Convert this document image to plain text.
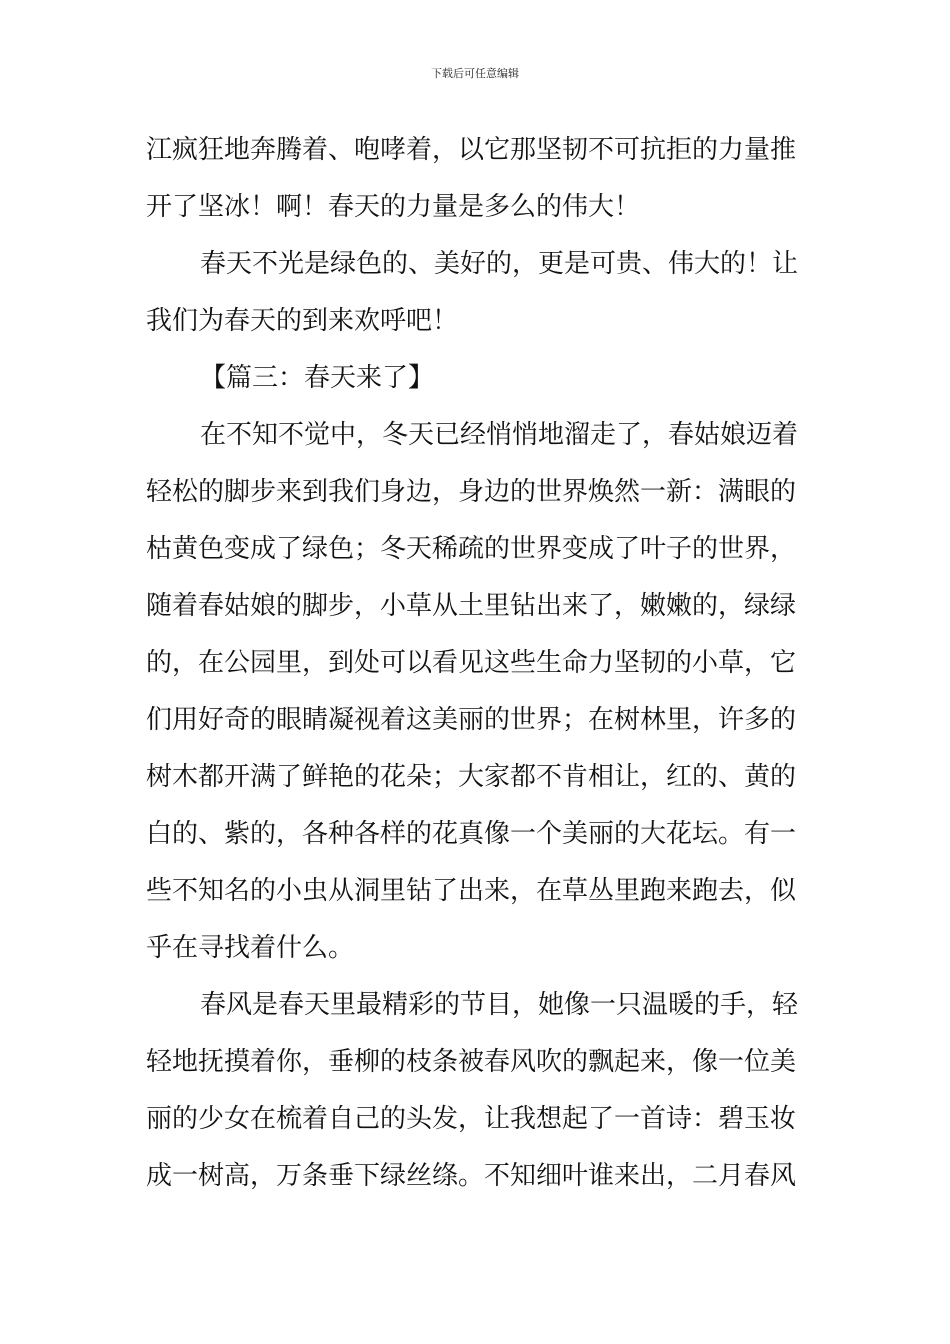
下载后可任意编辑
江疯狂地奔腾着、咆哮着，以它那坚韧不可抗拒的力量推
开了坚冰！啊！春天的力量是多么的伟大！
春天不光是绿色的、美好的，更是可贵、伟大的！让
我们为春天的到来欢呼吧！
【篇三：春天来了】
在不知不觉中，冬天已经悄悄地溜走了，春姑娘迈着
轻松的脚步来到我们身边，身边的世界焕然一新：满眼的
枯黄色变成了绿色；冬天稀疏的世界变成了叶子的世界，
随着春姑娘的脚步，小草从土里钻出来了，嫩嫩的，绿绿
的，在公园里，到处可以看见这些生命力坚韧的小草，它
们用好奇的眼睛凝视着这美丽的世界；在树林里，许多的
树木都开满了鲜艳的花朵；大家都不肯相让，红的、黄的
白的、紫的，各种各样的花真像一个美丽的大花坛。有一
些不知名的小虫从洞里钻了出来，在草丛里跑来跑去，似
乎在寻找着什么。
春风是春天里最精彩的节目，她像一只温暖的手，轻
轻地抚摸着你，垂柳的枝条被春风吹的飘起来，像一位美
丽的少女在梳着自己的头发，让我想起了一首诗：碧玉妆
成一树高，万条垂下绿丝绦。不知细叶谁来出，二月春风
